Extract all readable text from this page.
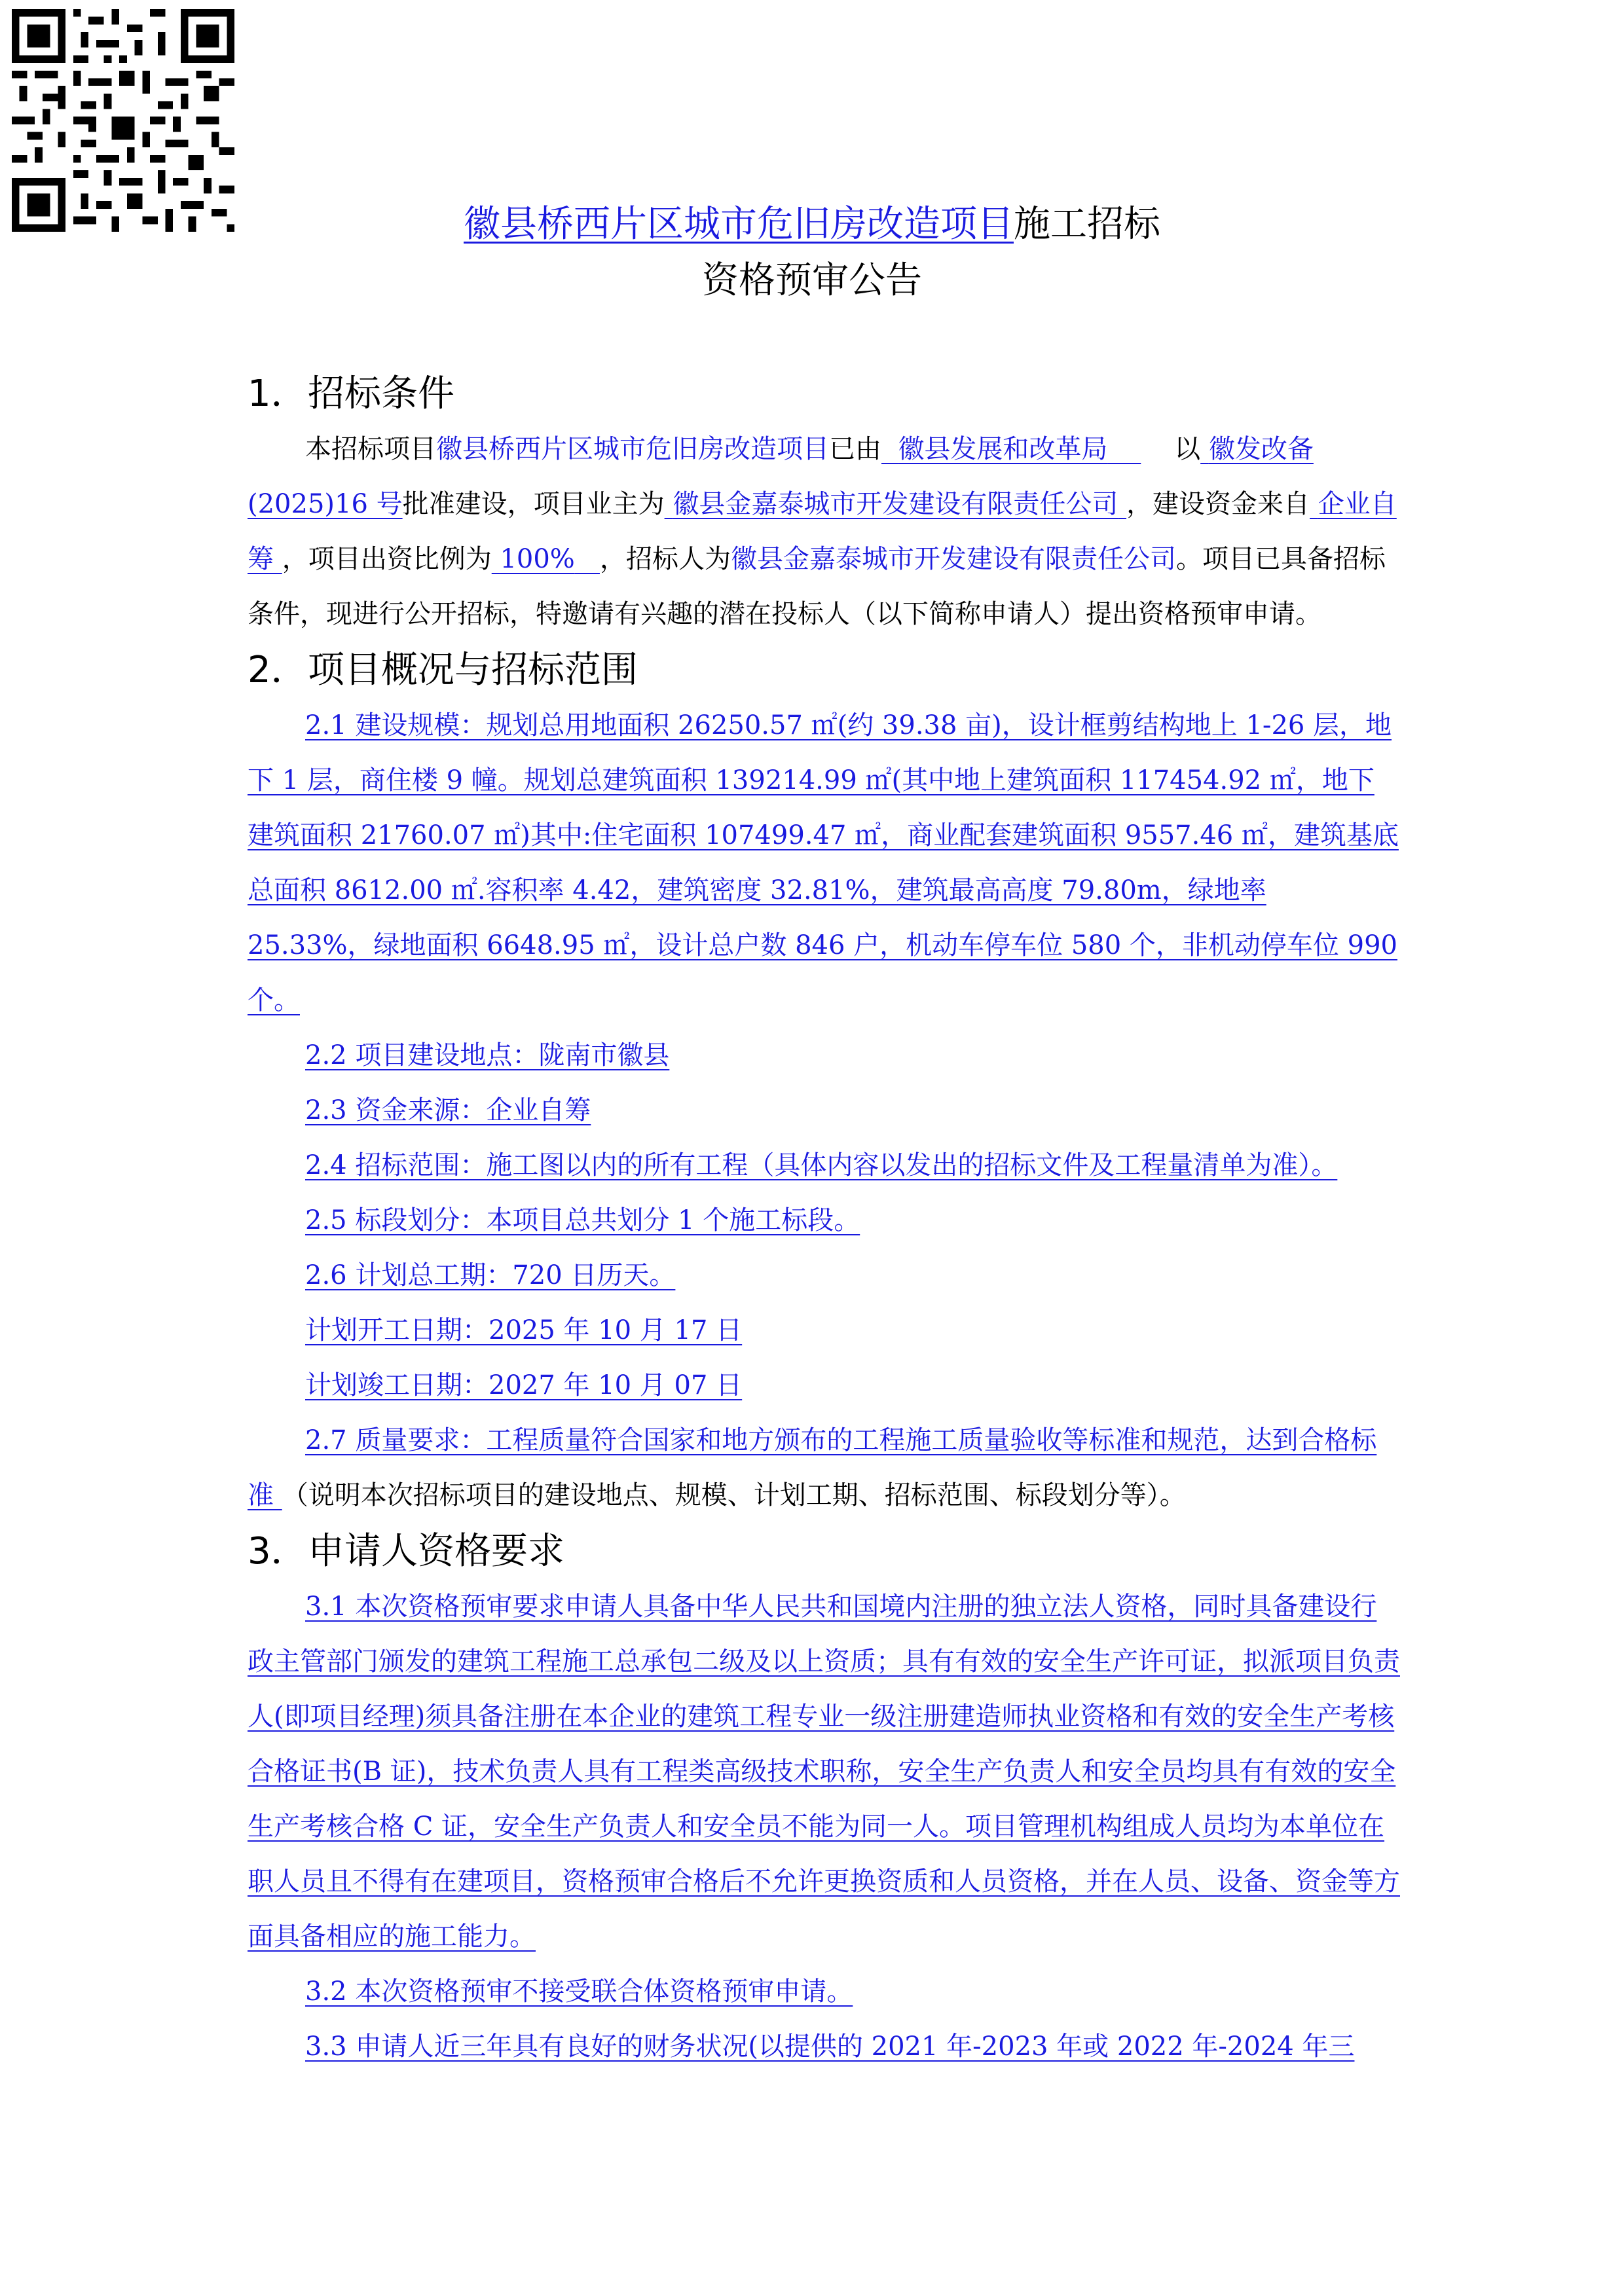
徽县桥西片区城市危旧房改造项目施工招标
资格预审公告

1．招标条件

本招标项目徽县桥西片区城市危旧房改造项目已由 徽县发展和改革局	以 徽发改备(2025)16 号批准建设，项目业主为 徽县金嘉泰城市开发建设有限责任公司 ，建设资金来自 企业自筹 ，项目出资比例为 100% ，招标人为徽县金嘉泰城市开发建设有限责任公司。项目已具备招标条件，现进行公开招标，特邀请有兴趣的潜在投标人（以下简称申请人）提出资格预审申请。

2．项目概况与招标范围

2.1 建设规模：规划总用地面积 26250.57 ㎡(约 39.38 亩)，设计框剪结构地上 1-26 层，地下 1 层，商住楼 9 幢。规划总建筑面积 139214.99 ㎡(其中地上建筑面积 117454.92 ㎡，地下建筑面积 21760.07 ㎡)其中:住宅面积 107499.47 ㎡，商业配套建筑面积 9557.46 ㎡，建筑基底总面积 8612.00 ㎡.容积率 4.42，建筑密度 32.81%，建筑最高高度 79.80m，绿地率 25.33%，绿地面积 6648.95 ㎡，设计总户数 846 户，机动车停车位 580 个，非机动停车位 990 个。

2.2 项目建设地点：陇南市徽县

2.3 资金来源：企业自筹

2.4 招标范围：施工图以内的所有工程（具体内容以发出的招标文件及工程量清单为准）。

2.5 标段划分：本项目总共划分 1 个施工标段。

2.6 计划总工期：720 日历天。

计划开工日期：2025 年 10 月 17 日

计划竣工日期：2027 年 10 月 07 日

2.7 质量要求：工程质量符合国家和地方颁布的工程施工质量验收等标准和规范，达到合格标准 （说明本次招标项目的建设地点、规模、计划工期、招标范围、标段划分等）。

3．申请人资格要求

3.1 本次资格预审要求申请人具备中华人民共和国境内注册的独立法人资格，同时具备建设行政主管部门颁发的建筑工程施工总承包二级及以上资质；具有有效的安全生产许可证，拟派项目负责人(即项目经理)须具备注册在本企业的建筑工程专业一级注册建造师执业资格和有效的安全生产考核合格证书(B 证)，技术负责人具有工程类高级技术职称，安全生产负责人和安全员均具有有效的安全生产考核合格 C 证，安全生产负责人和安全员不能为同一人。项目管理机构组成人员均为本单位在职人员且不得有在建项目，资格预审合格后不允许更换资质和人员资格，并在人员、设备、资金等方面具备相应的施工能力。

3.2 本次资格预审不接受联合体资格预审申请。

3.3 申请人近三年具有良好的财务状况(以提供的 2021 年-2023 年或 2022 年-2024 年三
